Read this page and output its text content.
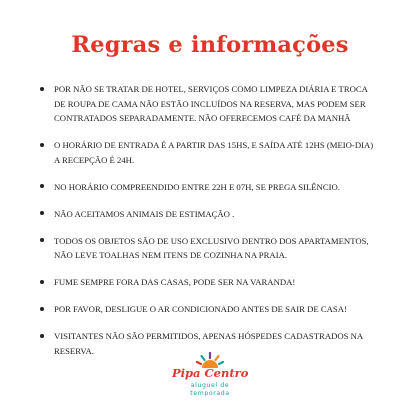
Regras e informações
POR NÃO SE TRATAR DE HOTEL, SERVIÇOS COMO LIMPEZA DIÁRIA E TROCA DE ROUPA DE CAMA NÃO ESTÃO INCLUÍDOS NA RESERVA, MAS PODEM SER CONTRATADOS SEPARADAMENTE. NÃO OFERECEMOS CAFÉ DA MANHÃ
O HORÁRIO DE ENTRADA É A PARTIR DAS 15HS, E SAÍDA ATÉ 12HS (MEIO-DIA) A RECEPÇÃO É 24H.
NO HORÁRIO COMPREENDIDO ENTRE 22H E 07H, SE PREGA SILÊNCIO.
NÃO ACEITAMOS ANIMAIS DE ESTIMAÇÃO .
TODOS OS OBJETOS SÃO DE USO EXCLUSIVO DENTRO DOS APARTAMENTOS, NÃO LEVE TOALHAS NEM ITENS DE COZINHA NA PRAIA.
FUME SEMPRE FORA DAS CASAS, PODE SER NA VARANDA!
POR FAVOR, DESLIGUE O AR CONDICIONADO ANTES DE SAIR DE CASA!
VISITANTES NÃO SÃO PERMITIDOS, APENAS HÓSPEDES CADASTRADOS NA RESERVA.
Pipa Centro
aluguel de
temporada
